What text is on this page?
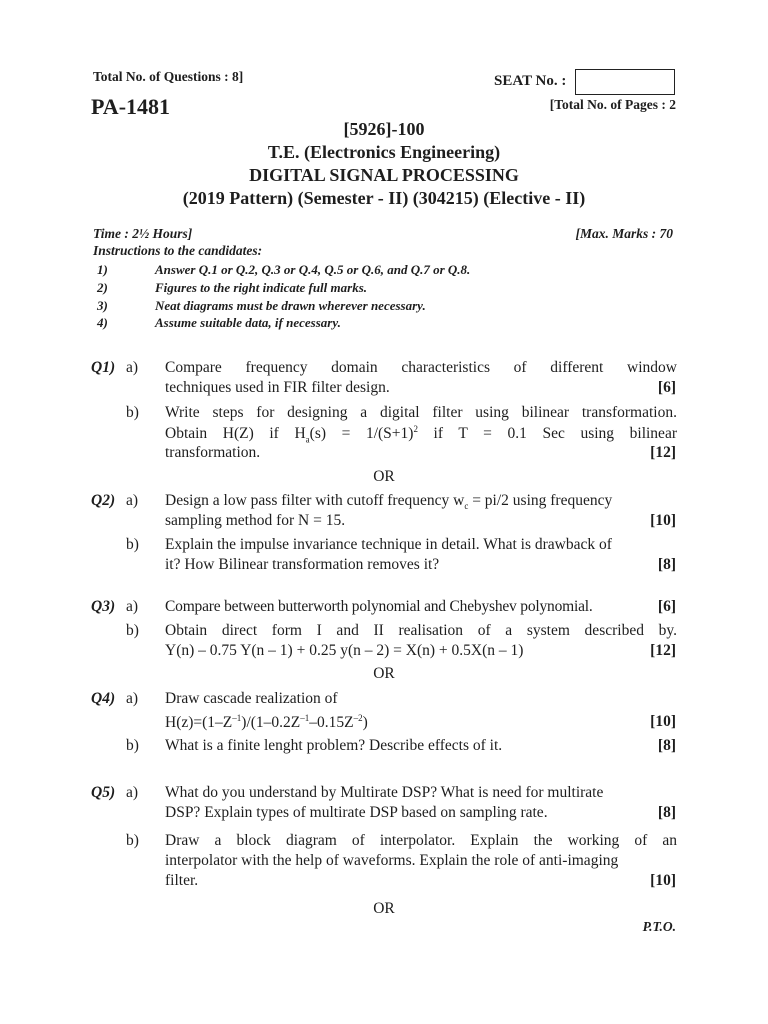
Total No. of Questions : 8]	SEAT No. :
PA-1481	[Total No. of Pages : 2
[5926]-100
T.E. (Electronics Engineering)
DIGITAL SIGNAL PROCESSING
(2019 Pattern) (Semester - II) (304215) (Elective - II)
Time : 2½ Hours]	[Max. Marks : 70
Instructions to the candidates:
1)	Answer Q.1 or Q.2, Q.3 or Q.4, Q.5 or Q.6, and Q.7 or Q.8.
2)	Figures to the right indicate full marks.
3)	Neat diagrams must be drawn wherever necessary.
4)	Assume suitable data, if necessary.
Q1) a) Compare frequency domain characteristics of different window
techniques used in FIR filter design.	[6]
b) Write steps for designing a digital filter using bilinear transformation.
Obtain H(Z) if $H_a(s) = 1/(S+1)^2$ if T = 0.1 Sec using bilinear
transformation.	[12]
OR
Q2) a) Design a low pass filter with cutoff frequency $w_c = pi/2$ using frequency
sampling method for N = 15.	[10]
b) Explain the impulse invariance technique in detail. What is drawback of
it? How Bilinear transformation removes it?	[8]
Q3) a) Compare between butterworth polynomial and Chebyshev polynomial.	[6]
b) Obtain direct form I and II realisation of a system described by.
Y(n) – 0.75 Y(n – 1) + 0.25 y(n – 2) = X(n) + 0.5X(n – 1)	[12]
OR
Q4) a) Draw cascade realization of
$H(z)=(1-Z^{-1})/(1-0.2Z^{-1}-0.15Z^{-2})$	[10]
b) What is a finite lenght problem? Describe effects of it.	[8]
Q5) a) What do you understand by Multirate DSP? What is need for multirate
DSP? Explain types of multirate DSP based on sampling rate.	[8]
b) Draw a block diagram of interpolator. Explain the working of an
interpolator with the help of waveforms. Explain the role of anti-imaging
filter.	[10]
OR
P.T.O.
